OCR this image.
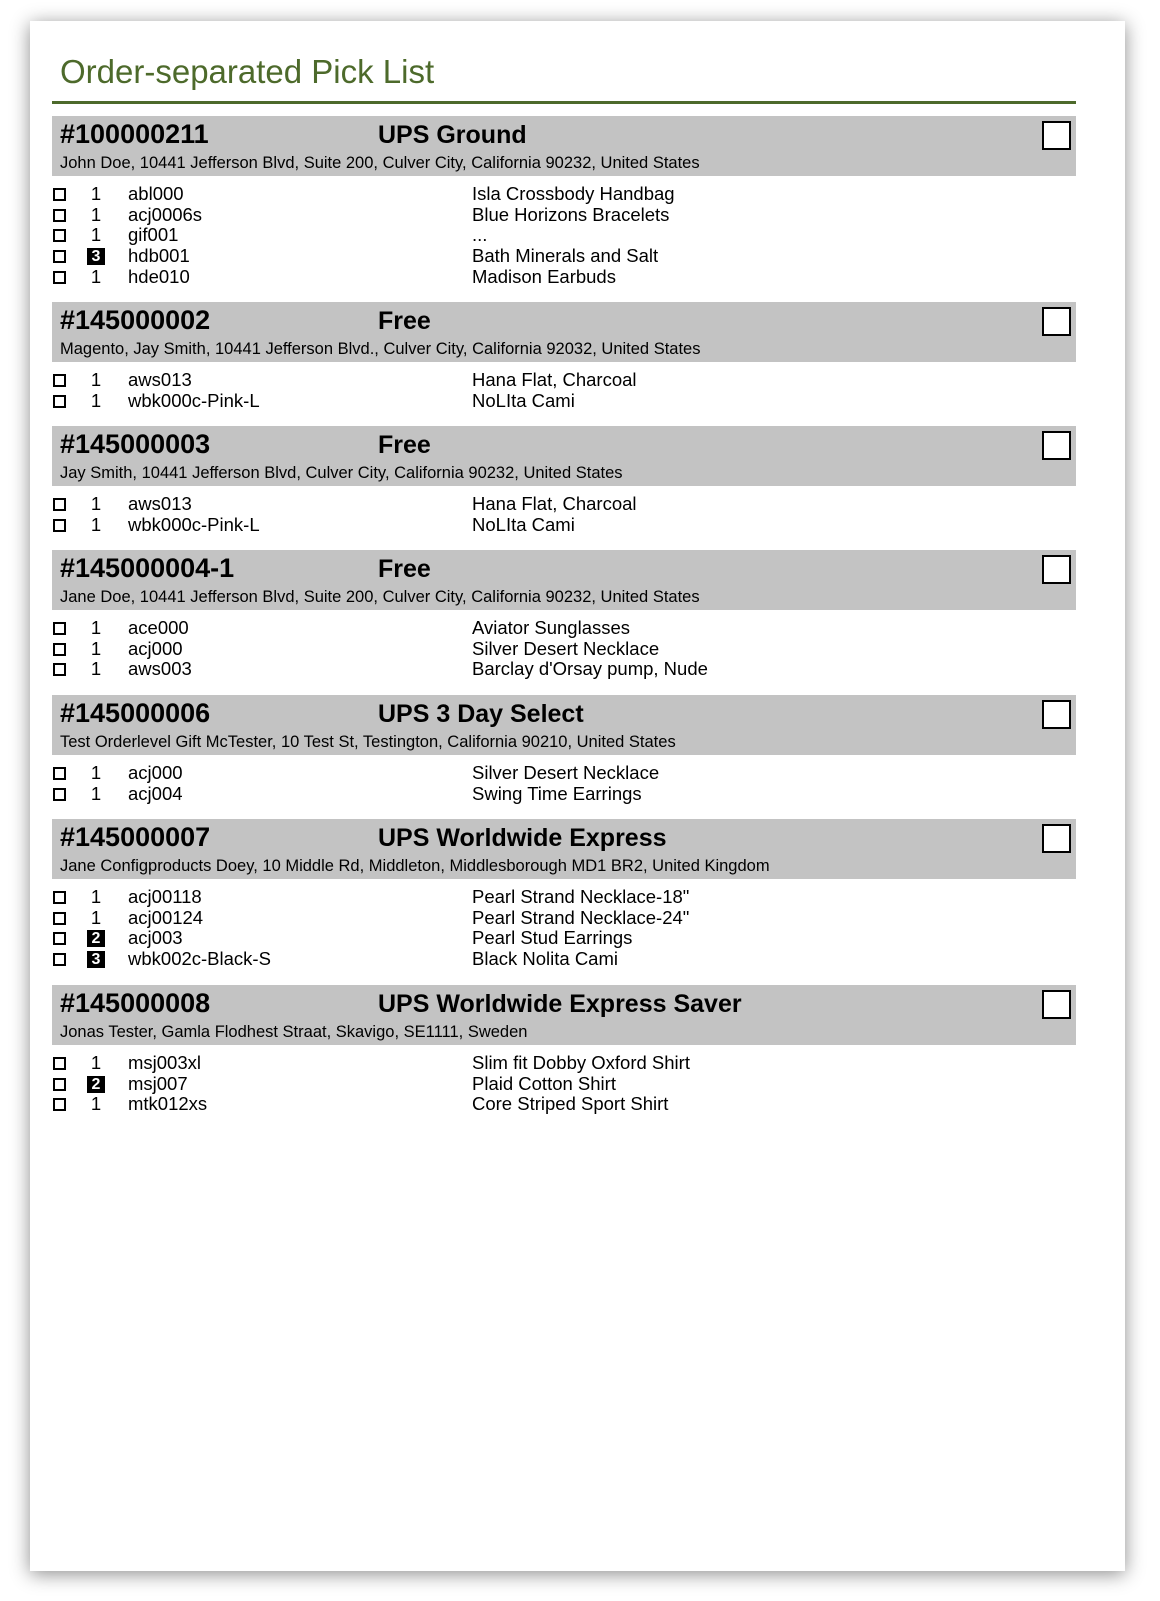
Order-separated Pick List
#100000211	UPS Ground
John Doe, 10441 Jefferson Blvd, Suite 200, Culver City, California 90232, United States
1	abl000	Isla Crossbody Handbag
1	acj0006s	Blue Horizons Bracelets
1	gif001	...
3 hdb001	Bath Minerals and Salt
1	hde010	Madison Earbuds
#145000002	Free
Magento, Jay Smith, 10441 Jefferson Blvd., Culver City, California 92032, United States
1	aws013	Hana Flat, Charcoal
1	wbk000c-Pink-L	NoLIta Cami
#145000003	Free
Jay Smith, 10441 Jefferson Blvd, Culver City, California 90232, United States
1	aws013	Hana Flat, Charcoal
1	wbk000c-Pink-L	NoLIta Cami
#145000004-1	Free
Jane Doe, 10441 Jefferson Blvd, Suite 200, Culver City, California 90232, United States
1	ace000	Aviator Sunglasses
1	acj000	Silver Desert Necklace
1	aws003	Barclay d'Orsay pump, Nude
#145000006	UPS 3 Day Select
Test Orderlevel Gift McTester, 10 Test St, Testington, California 90210, United States
1	acj000	Silver Desert Necklace
1	acj004	Swing Time Earrings
#145000007	UPS Worldwide Express
Jane Configproducts Doey, 10 Middle Rd, Middleton, Middlesborough MD1 BR2, United Kingdom
1	acj00118	Pearl Strand Necklace-18"
1	acj00124	Pearl Strand Necklace-24"
2 acj003	Pearl Stud Earrings
3 wbk002c-Black-S	Black Nolita Cami
#145000008	UPS Worldwide Express Saver
Jonas Tester, Gamla Flodhest Straat, Skavigo, SE1111, Sweden
1	msj003xl	Slim fit Dobby Oxford Shirt
2 msj007	Plaid Cotton Shirt
1	mtk012xs	Core Striped Sport Shirt
